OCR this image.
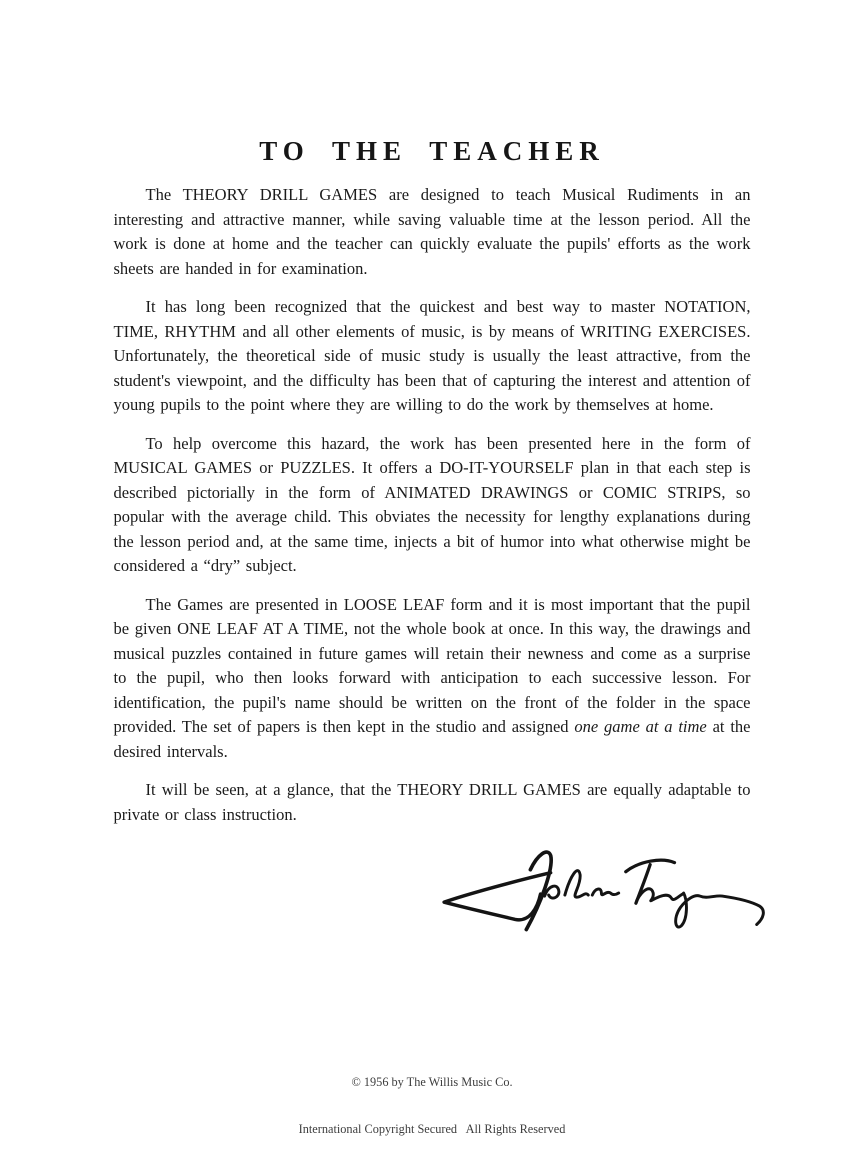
TO THE TEACHER

The THEORY DRILL GAMES are designed to teach Musical Rudiments in an interesting and attractive manner, while saving valuable time at the lesson period. All the work is done at home and the teacher can quickly evaluate the pupils' efforts as the work sheets are handed in for examination.

It has long been recognized that the quickest and best way to master NOTATION, TIME, RHYTHM and all other elements of music, is by means of WRITING EXERCISES. Unfortunately, the theoretical side of music study is usually the least attractive, from the student's viewpoint, and the difficulty has been that of capturing the interest and attention of young pupils to the point where they are willing to do the work by themselves at home.

To help overcome this hazard, the work has been presented here in the form of MUSICAL GAMES or PUZZLES. It offers a DO-IT-YOURSELF plan in that each step is described pictorially in the form of ANIMATED DRAWINGS or COMIC STRIPS, so popular with the average child. This obviates the necessity for lengthy explanations during the lesson period and, at the same time, injects a bit of humor into what otherwise might be considered a “dry” subject.

The Games are presented in LOOSE LEAF form and it is most important that the pupil be given ONE LEAF AT A TIME, not the whole book at once. In this way, the drawings and musical puzzles contained in future games will retain their newness and come as a surprise to the pupil, who then looks forward with anticipation to each successive lesson. For identification, the pupil's name should be written on the front of the folder in the space provided. The set of papers is then kept in the studio and assigned one game at a time at the desired intervals.

It will be seen, at a glance, that the THEORY DRILL GAMES are equally adaptable to private or class instruction.

© 1956 by The Willis Music Co.

International Copyright Secured   All Rights Reserved
